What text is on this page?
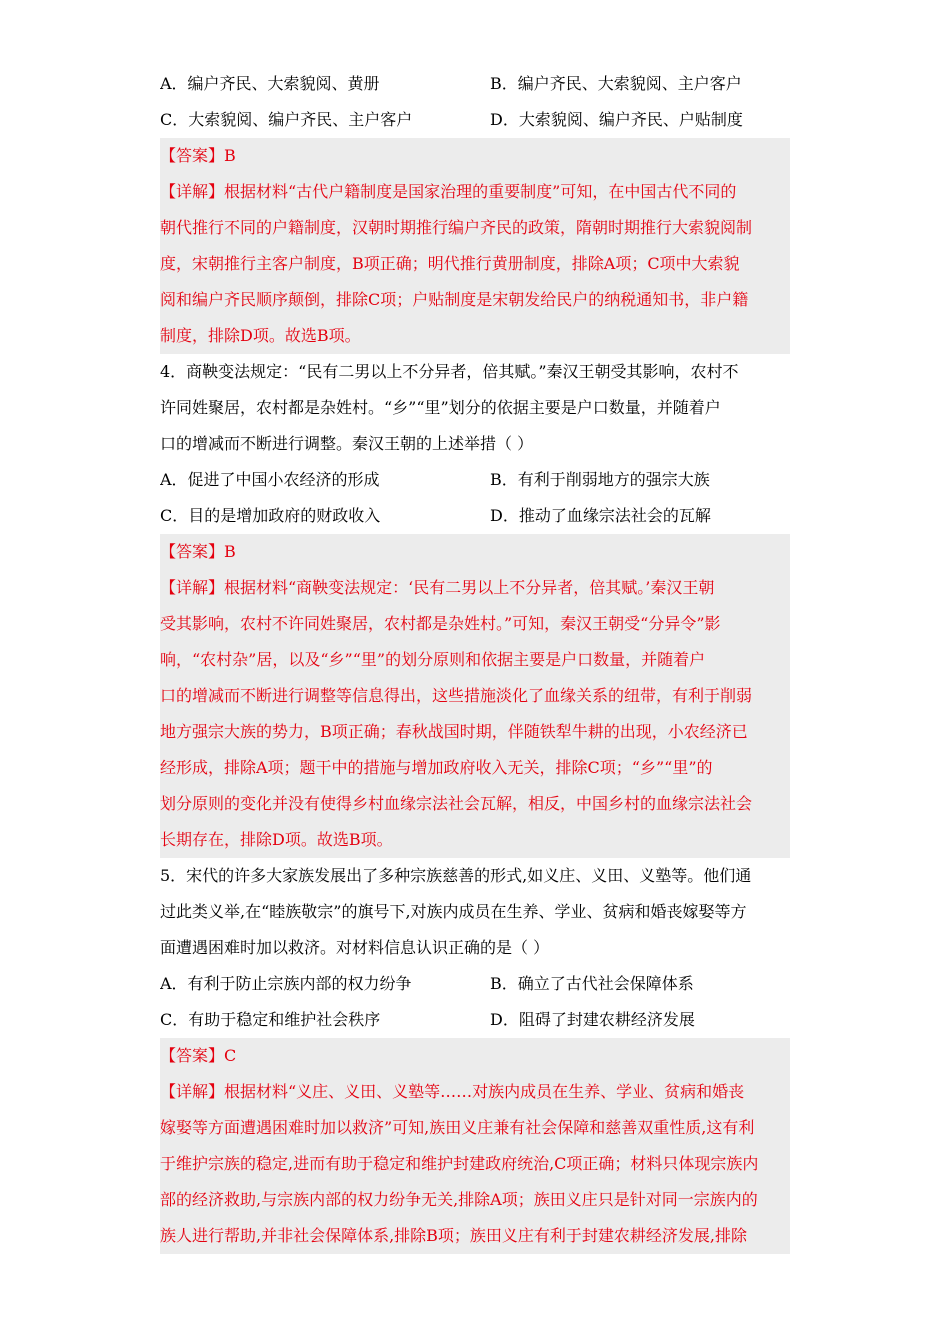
A．编户齐民、大索貌阅、黄册	B．编户齐民、大索貌阅、主户客户
C．大索貌阅、编户齐民、主户客户	D．大索貌阅、编户齐民、户贴制度
【答案】B
【详解】根据材料“古代户籍制度是国家治理的重要制度”可知，在中国古代不同的
朝代推行不同的户籍制度，汉朝时期推行编户齐民的政策，隋朝时期推行大索貌阅制
度，宋朝推行主客户制度，B项正确；明代推行黄册制度，排除A项；C项中大索貌
阅和编户齐民顺序颠倒，排除C项；户贴制度是宋朝发给民户的纳税通知书，非户籍
制度，排除D项。故选B项。
4．商鞅变法规定：“民有二男以上不分异者，倍其赋。”秦汉王朝受其影响，农村不
许同姓聚居，农村都是杂姓村。“乡”“里”划分的依据主要是户口数量，并随着户
口的增减而不断进行调整。秦汉王朝的上述举措（ ）
A．促进了中国小农经济的形成	B．有利于削弱地方的强宗大族
C．目的是增加政府的财政收入	D．推动了血缘宗法社会的瓦解
【答案】B
【详解】根据材料“商鞅变法规定：‘民有二男以上不分异者，倍其赋。’秦汉王朝
受其影响，农村不许同姓聚居，农村都是杂姓村。”可知，秦汉王朝受“分异令”影
响，“农村杂”居，以及“乡”“里”的划分原则和依据主要是户口数量，并随着户
口的增减而不断进行调整等信息得出，这些措施淡化了血缘关系的纽带，有利于削弱
地方强宗大族的势力，B项正确；春秋战国时期，伴随铁犁牛耕的出现，小农经济已
经形成，排除A项；题干中的措施与增加政府收入无关，排除C项；“乡”“里”的
划分原则的变化并没有使得乡村血缘宗法社会瓦解，相反，中国乡村的血缘宗法社会
长期存在，排除D项。故选B项。
5．宋代的许多大家族发展出了多种宗族慈善的形式,如义庄、义田、义塾等。他们通
过此类义举,在“睦族敬宗”的旗号下,对族内成员在生养、学业、贫病和婚丧嫁娶等方
面遭遇困难时加以救济。对材料信息认识正确的是（ ）
A．有利于防止宗族内部的权力纷争	B．确立了古代社会保障体系
C．有助于稳定和维护社会秩序	D．阻碍了封建农耕经济发展
【答案】C
【详解】根据材料“义庄、义田、义塾等……对族内成员在生养、学业、贫病和婚丧
嫁娶等方面遭遇困难时加以救济”可知,族田义庄兼有社会保障和慈善双重性质,这有利
于维护宗族的稳定,进而有助于稳定和维护封建政府统治,C项正确；材料只体现宗族内
部的经济救助,与宗族内部的权力纷争无关,排除A项；族田义庄只是针对同一宗族内的
族人进行帮助,并非社会保障体系,排除B项；族田义庄有利于封建农耕经济发展,排除
